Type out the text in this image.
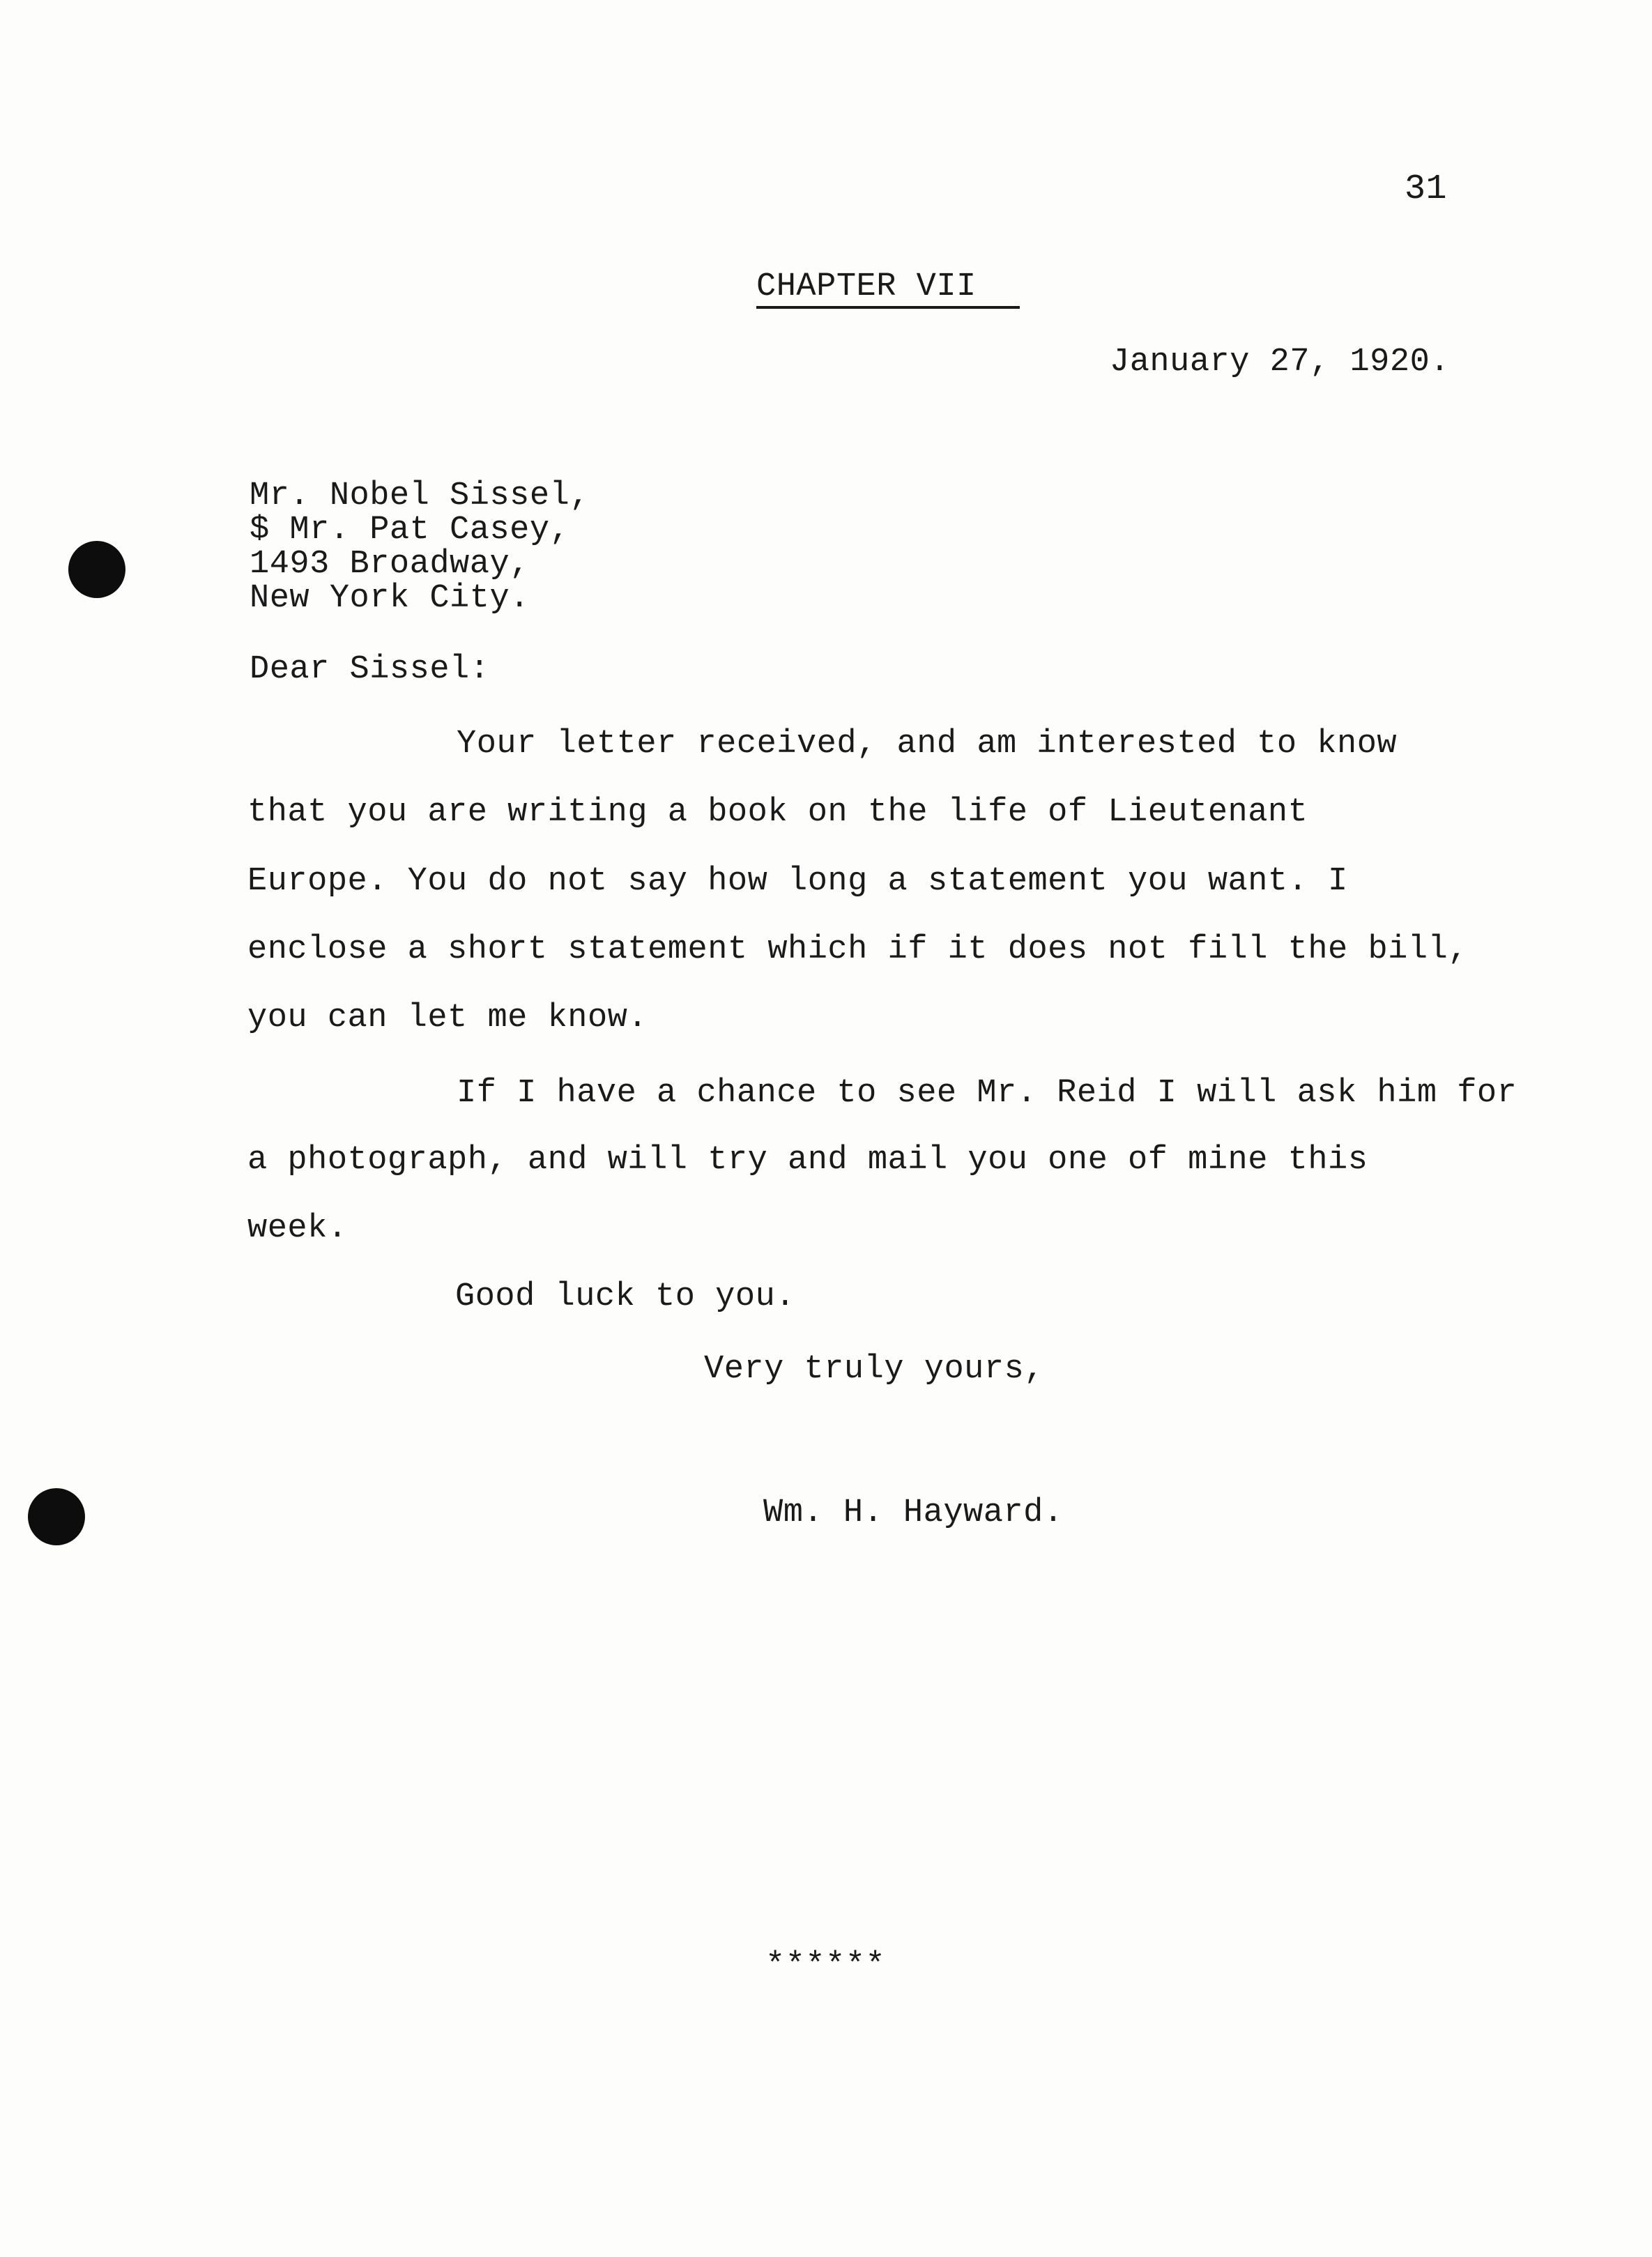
31
CHAPTER VII
January 27, 1920.
Mr. Nobel Sissel,
$ Mr. Pat Casey,
1493 Broadway,
New York City.
Dear Sissel:
Your letter received, and am interested to know
that you are writing a book on the life of Lieutenant
Europe. You do not say how long a statement you want. I
enclose a short statement which if it does not fill the bill,
you can let me know.
If I have a chance to see Mr. Reid I will ask him for
a photograph, and will try and mail you one of mine this
week.
Good luck to you.
Very truly yours,
Wm. H. Hayward.
******
